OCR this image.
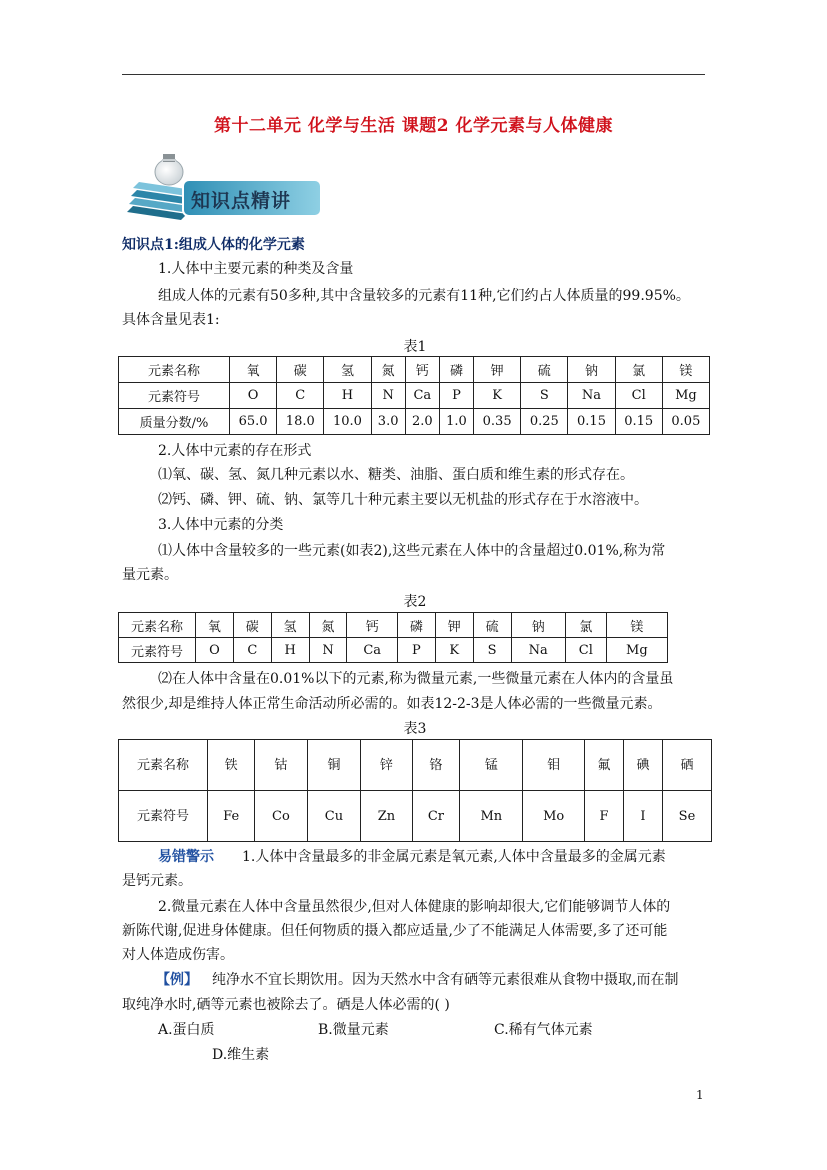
第十二单元 化学与生活 课题2 化学元素与人体健康
知识点精讲
知识点1:组成人体的化学元素
1.人体中主要元素的种类及含量
组成人体的元素有50多种,其中含量较多的元素有11种,它们约占人体质量的99.95%。
具体含量见表1:
表1
元素名称	氧	碳	氢	氮	钙	磷	钾	硫	钠	氯	镁
元素符号	O	C	H	N	Ca	P	K	S	Na	Cl	Mg
质量分数/%	65.0	18.0	10.0	3.0	2.0	1.0	0.35	0.25	0.15	0.15	0.05
2.人体中元素的存在形式
⑴氧、碳、氢、氮几种元素以水、糖类、油脂、蛋白质和维生素的形式存在。
⑵钙、磷、钾、硫、钠、氯等几十种元素主要以无机盐的形式存在于水溶液中。
3.人体中元素的分类
⑴人体中含量较多的一些元素(如表2),这些元素在人体中的含量超过0.01%,称为常
量元素。
表2
元素名称	氧	碳	氢	氮	钙	磷	钾	硫	钠	氯	镁
元素符号	O	C	H	N	Ca	P	K	S	Na	Cl	Mg
⑵在人体中含量在0.01%以下的元素,称为微量元素,一些微量元素在人体内的含量虽
然很少,却是维持人体正常生命活动所必需的。如表12-2-3是人体必需的一些微量元素。
表3
元素名称	铁	钴	铜	锌	铬	锰	钼	氟	碘	硒
元素符号	Fe	Co	Cu	Zn	Cr	Mn	Mo	F	I	Se
易错警示 1.人体中含量最多的非金属元素是氧元素,人体中含量最多的金属元素
是钙元素。
2.微量元素在人体中含量虽然很少,但对人体健康的影响却很大,它们能够调节人体的
新陈代谢,促进身体健康。但任何物质的摄入都应适量,少了不能满足人体需要,多了还可能
对人体造成伤害。
【例】 纯净水不宜长期饮用。因为天然水中含有硒等元素很难从食物中摄取,而在制
取纯净水时,硒等元素也被除去了。硒是人体必需的( )
A.蛋白质	B.微量元素	C.稀有气体元素
D.维生素
1
